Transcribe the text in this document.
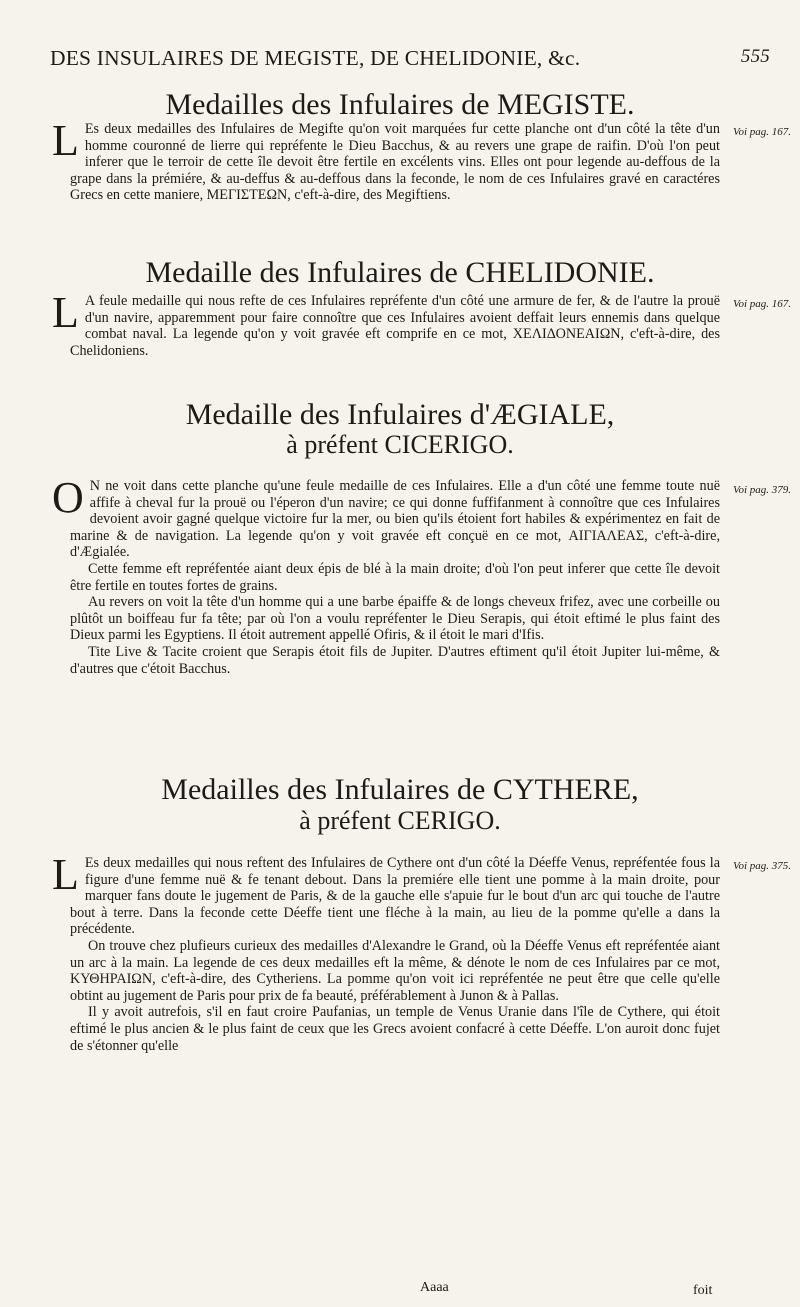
DES INSULAIRES DE MEGISTE, DE CHELIDONIE, &c.	555
Medailles des Infulaires de MEGISTE.
Voi pag. 167.

L Es deux medailles des Infulaires de Megifte qu'on voit marquées fur cette planche ont d'un côté la tête d'un homme couronné de lierre qui repréfente le Dieu Bacchus, & au revers une grape de raifin. D'où l'on peut inferer que le terroir de cette île devoit être fertile en excélents vins. Elles ont pour legende au-deffous de la grape dans la prémiére, & au-deffus & au-deffous dans la feconde, le nom de ces Infulaires gravé en caractéres Grecs en cette maniere, ΜΕΓΙΣΤΕΩΝ, c'eft-à-dire, des Megiftiens.

Medaille des Infulaires de CHELIDONIE.
Voi pag. 167.

L A feule medaille qui nous refte de ces Infulaires repréfente d'un côté une armure de fer, & de l'autre la prouë d'un navire, apparemment pour faire connoître que ces Infulaires avoient deffait leurs ennemis dans quelque combat naval. La legende qu'on y voit gravée eft comprife en ce mot, ΧΕΛΙΔΟΝΕΑΙΩΝ, c'eft-à-dire, des Chelidoniens.

Medaille des Infulaires d'ÆGIALE,
à préfent CICERIGO.
Voi pag. 379.

O N ne voit dans cette planche qu'une feule medaille de ces Infulaires. Elle a d'un côté une femme toute nuë affife à cheval fur la prouë ou l'éperon d'un navire; ce qui donne fuffifanment à connoître que ces Infulaires devoient avoir gagné quelque victoire fur la mer, ou bien qu'ils étoient fort habiles & expérimentez en fait de marine & de navigation. La legende qu'on y voit gravée eft conçuë en ce mot, ΑΙΓΙΑΛΕΑΣ, c'eft-à-dire, d'Ægialée.

Cette femme eft repréfentée aiant deux épis de blé à la main droite; d'où l'on peut inferer que cette île devoit être fertile en toutes fortes de grains.

Au revers on voit la tête d'un homme qui a une barbe épaiffe & de longs cheveux frifez, avec une corbeille ou plûtôt un boiffeau fur fa tête; par où l'on a voulu repréfenter le Dieu Serapis, qui étoit eftimé le plus faint des Dieux parmi les Egyptiens. Il étoit autrement appellé Ofiris, & il étoit le mari d'Ifis.

Tite Live & Tacite croient que Serapis étoit fils de Jupiter. D'autres eftiment qu'il étoit Jupiter lui-même, & d'autres que c'étoit Bacchus.

Medailles des Infulaires de CYTHERE,
à préfent CERIGO.
Voi pag. 375.

L Es deux medailles qui nous reftent des Infulaires de Cythere ont d'un côté la Déeffe Venus, repréfentée fous la figure d'une femme nuë & fe tenant debout. Dans la premiére elle tient une pomme à la main droite, pour marquer fans doute le jugement de Paris, & de la gauche elle s'apuie fur le bout d'un arc qui touche de l'autre bout à terre. Dans la feconde cette Déeffe tient une fléche à la main, au lieu de la pomme qu'elle a dans la précédente.

On trouve chez plufieurs curieux des medailles d'Alexandre le Grand, où la Déeffe Venus eft repréfentée aiant un arc à la main. La legende de ces deux medailles eft la même, & dénote le nom de ces Infulaires par ce mot, ΚΥΘΗΡΑΙΩΝ, c'eft-à-dire, des Cytheriens. La pomme qu'on voit ici repréfentée ne peut être que celle qu'elle obtint au jugement de Paris pour prix de fa beauté, préférablement à Junon & à Pallas.

Il y avoit autrefois, s'il en faut croire Paufanias, un temple de Venus Uranie dans l'île de Cythere, qui étoit eftimé le plus ancien & le plus faint de ceux que les Grecs avoient confacré à cette Déeffe. L'on auroit donc fujet de s'étonner qu'elle

Aaaa	foit
